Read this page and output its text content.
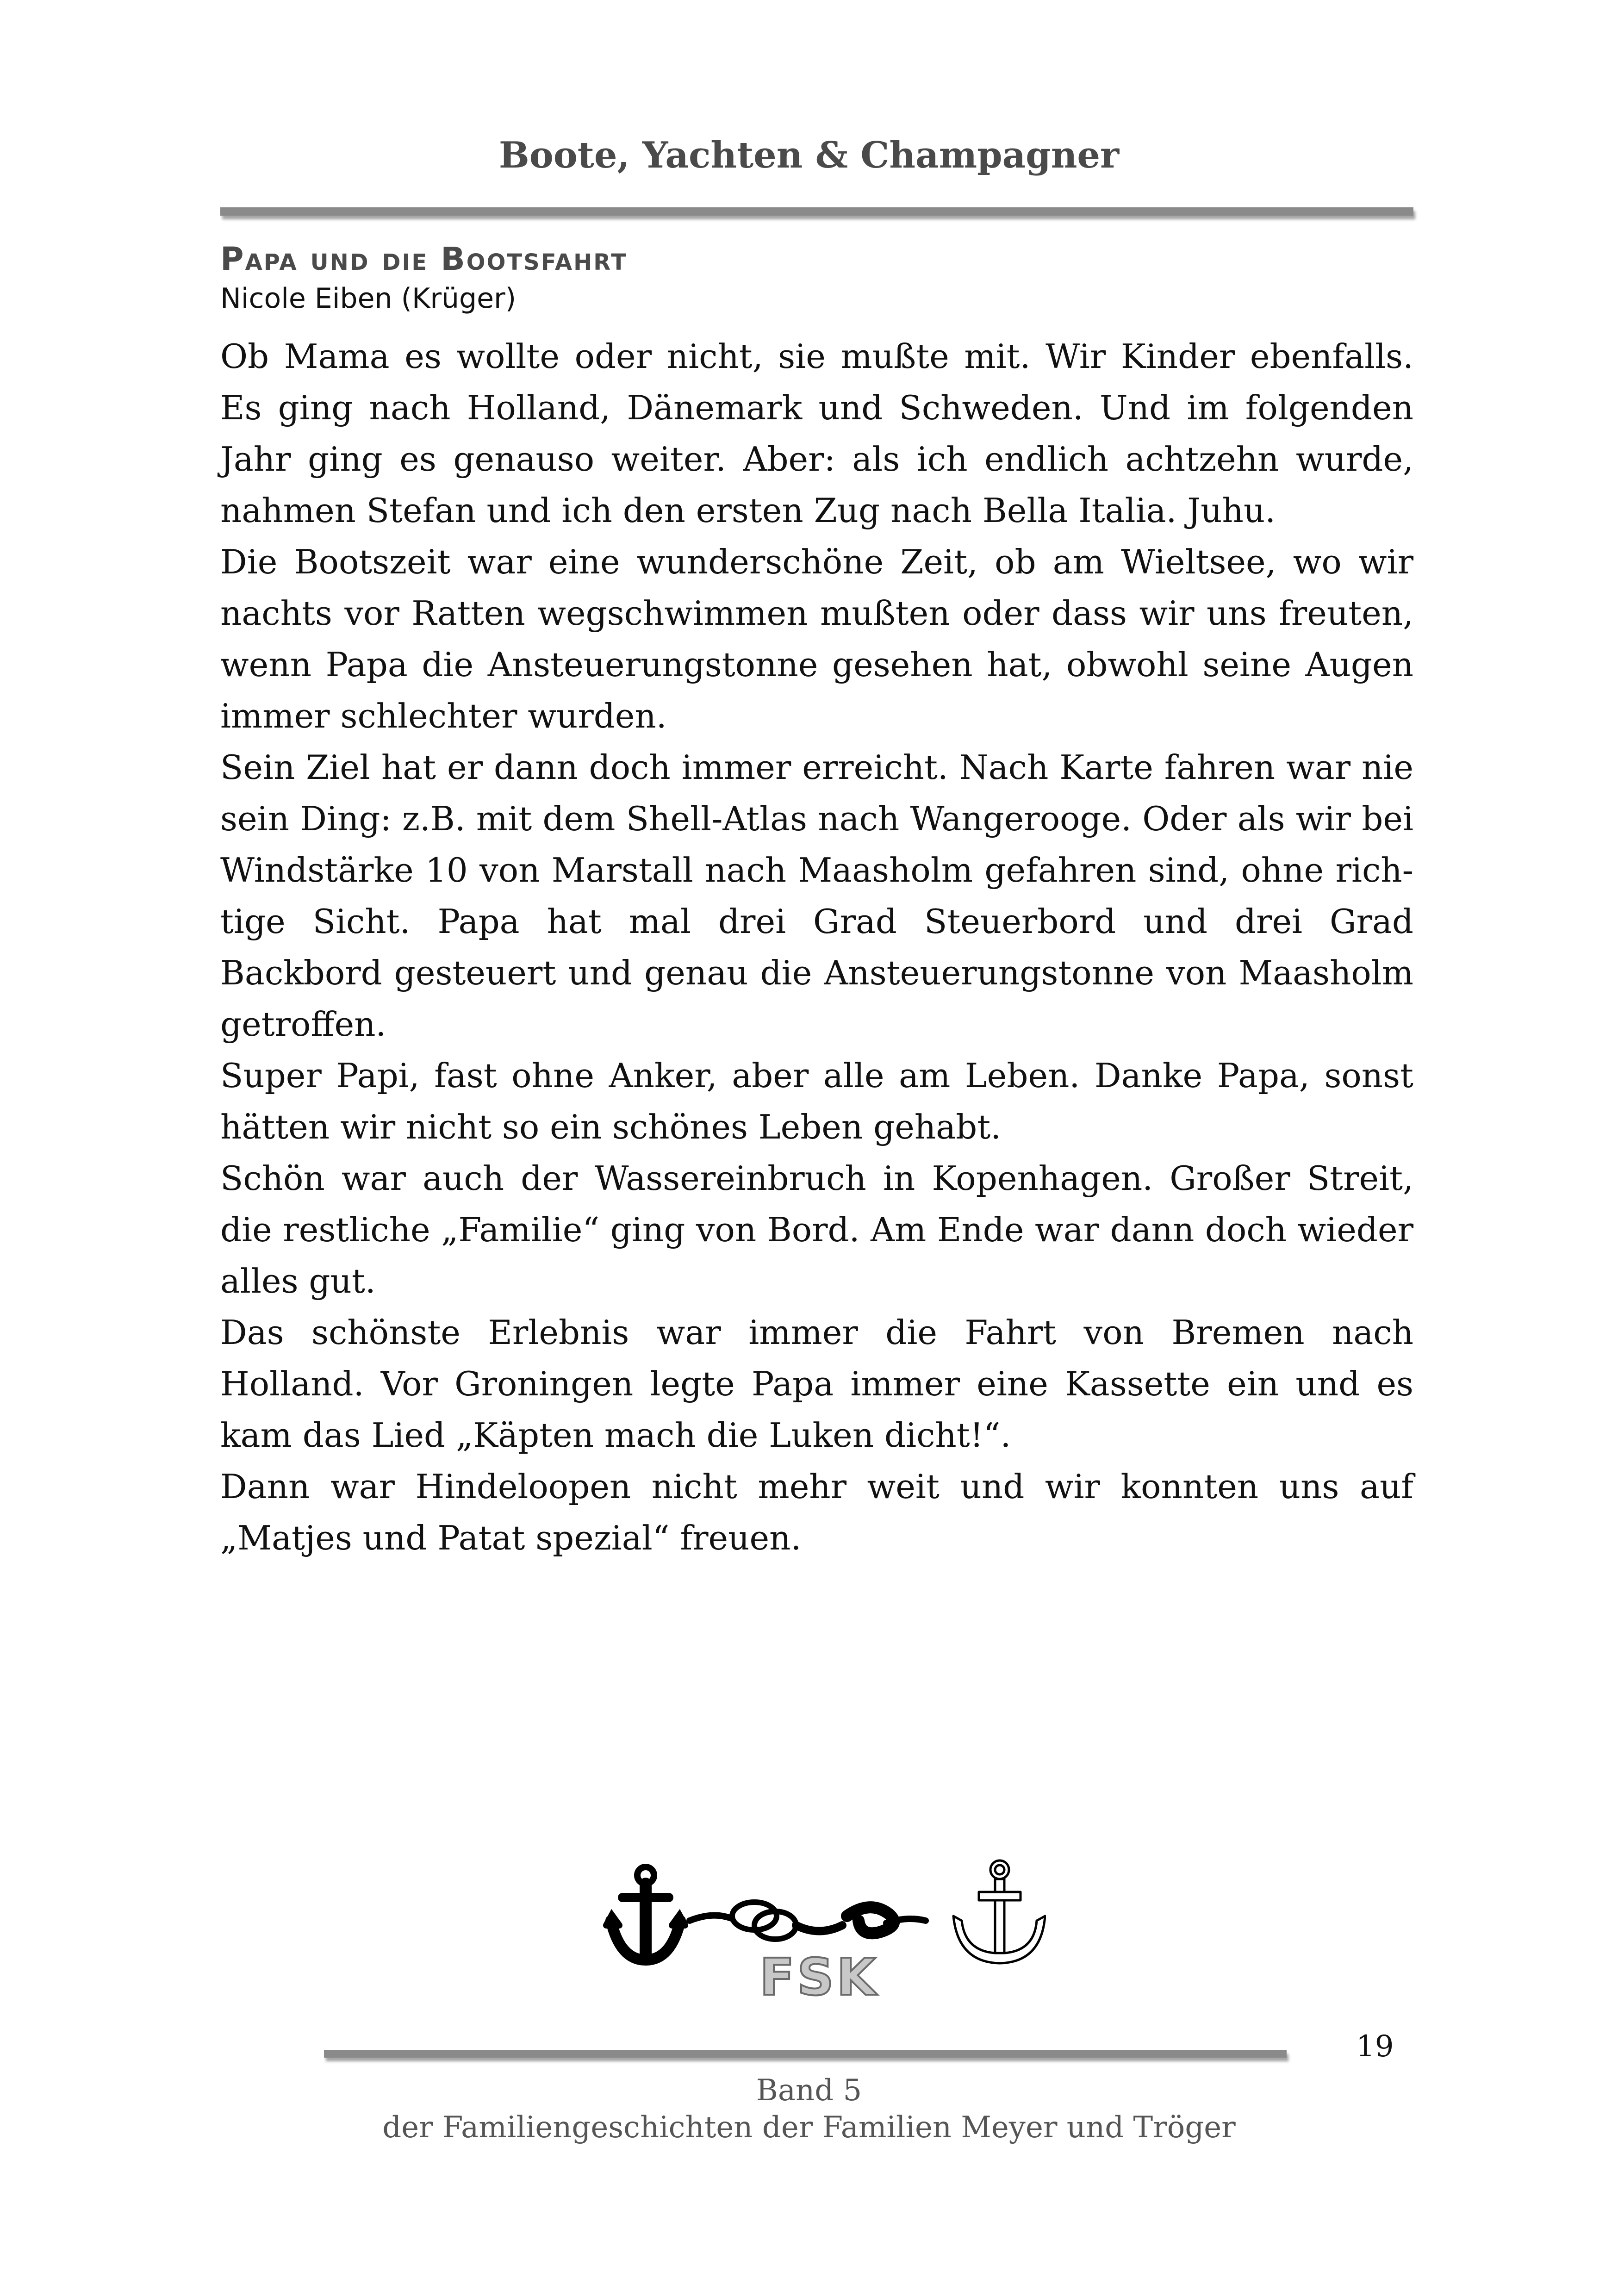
Boote, Yachten & Champagner
Papa und die Bootsfahrt
Nicole Eiben (Krüger)

Ob Mama es wollte oder nicht, sie mußte mit. Wir Kinder ebenfalls. Es ging nach Holland, Dänemark und Schweden. Und im folgenden Jahr ging es genauso weiter. Aber: als ich endlich achtzehn wurde, nahmen Stefan und ich den ersten Zug nach Bella Italia. Juhu.

Die Bootszeit war eine wunderschöne Zeit, ob am Wieltsee, wo wir nachts vor Ratten wegschwimmen mußten oder dass wir uns freuten, wenn Papa die Ansteuerungstonne gesehen hat, obwohl seine Augen immer schlechter wurden.

Sein Ziel hat er dann doch immer erreicht. Nach Karte fahren war nie sein Ding: z.B. mit dem Shell-Atlas nach Wangerooge. Oder als wir bei Windstärke 10 von Marstall nach Maasholm gefahren sind, ohne richtige Sicht. Papa hat mal drei Grad Steuerbord und drei Grad Backbord gesteuert und genau die Ansteuerungstonne von Maasholm getroffen.

Super Papi, fast ohne Anker, aber alle am Leben. Danke Papa, sonst hätten wir nicht so ein schönes Leben gehabt.

Schön war auch der Wassereinbruch in Kopenhagen. Großer Streit, die restliche „Familie“ ging von Bord. Am Ende war dann doch wieder alles gut.

Das schönste Erlebnis war immer die Fahrt von Bremen nach Holland. Vor Groningen legte Papa immer eine Kassette ein und es kam das Lied „Käpten mach die Luken dicht!“.

Dann war Hindeloopen nicht mehr weit und wir konnten uns auf „Matjes und Patat spezial“ freuen.

FSK
19
Band 5
der Familiengeschichten der Familien Meyer und Tröger
